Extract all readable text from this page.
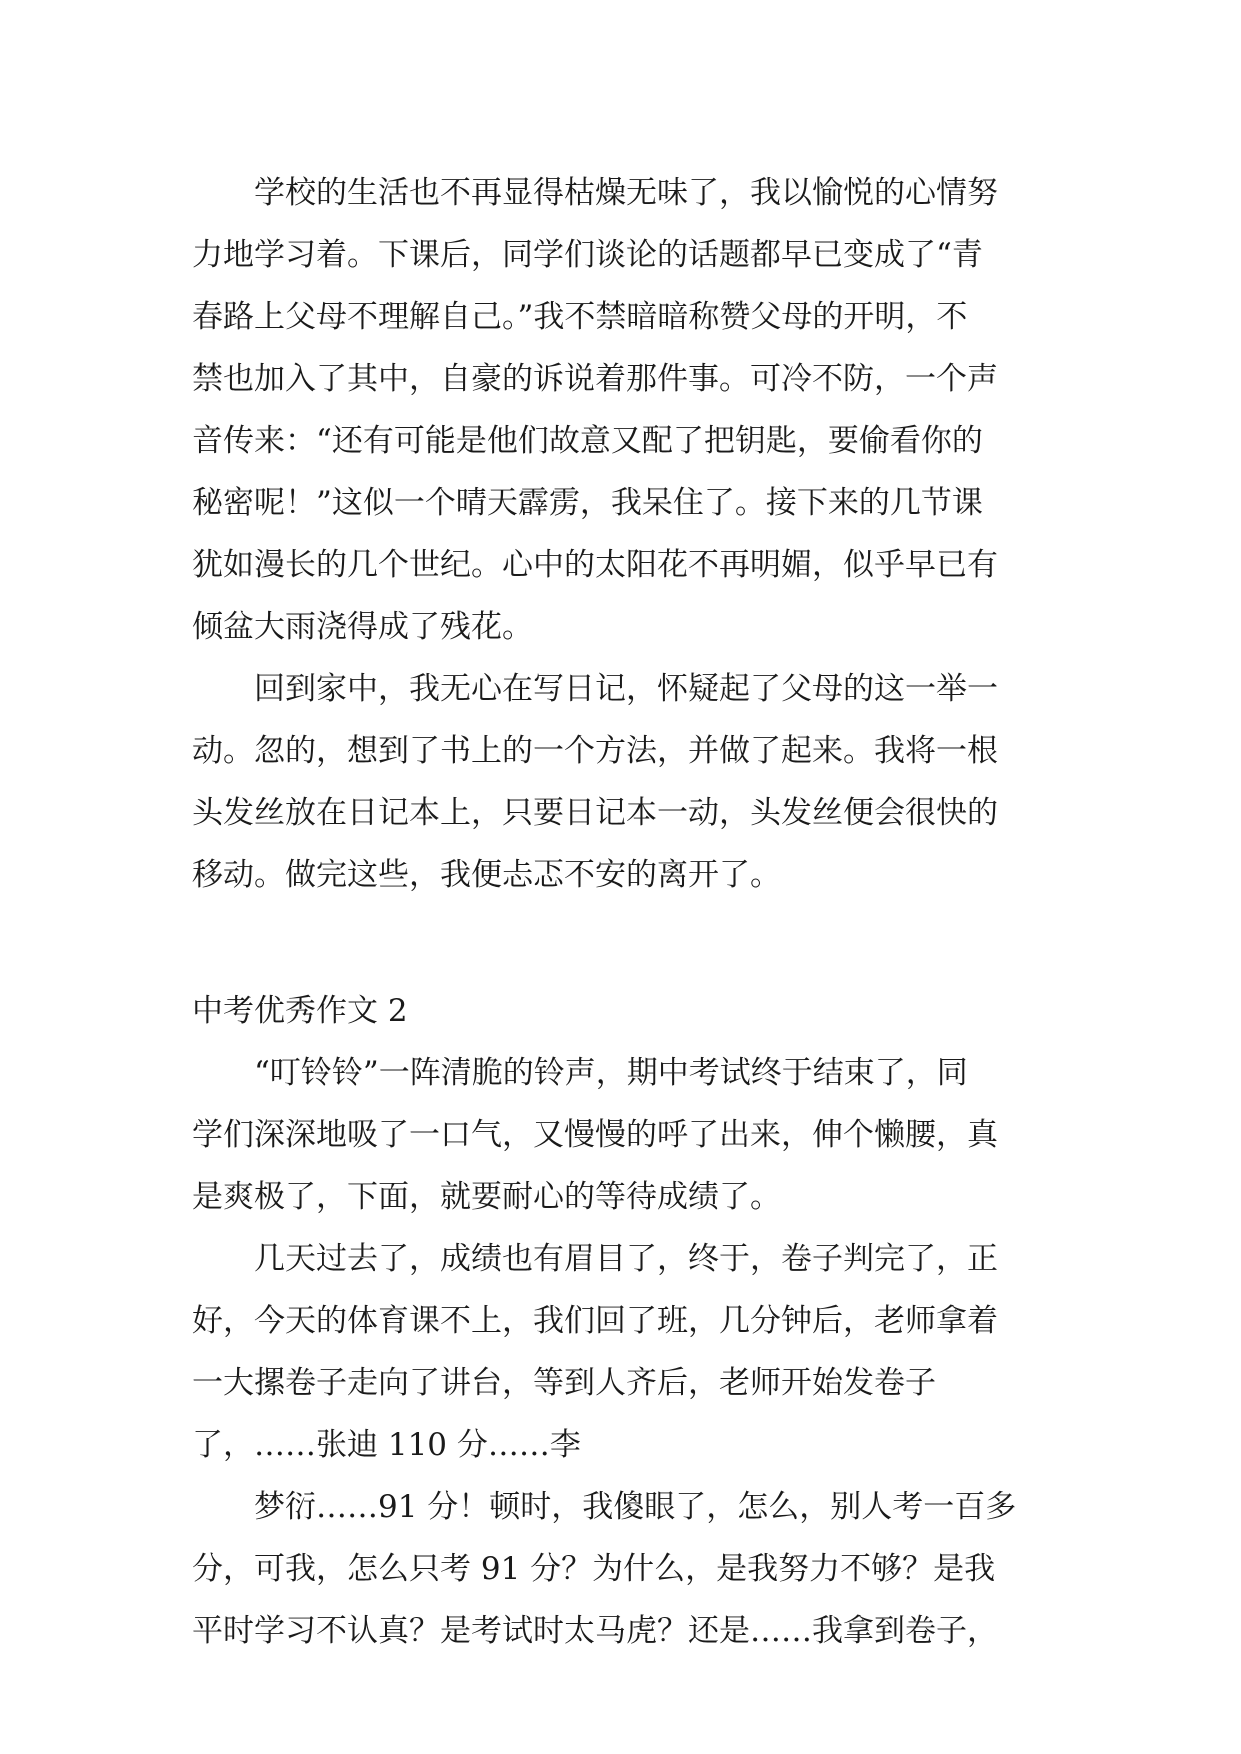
学校的生活也不再显得枯燥无味了，我以愉悦的心情努
力地学习着。下课后，同学们谈论的话题都早已变成了“青
春路上父母不理解自己。”我不禁暗暗称赞父母的开明，不
禁也加入了其中，自豪的诉说着那件事。可冷不防，一个声
音传来：“还有可能是他们故意又配了把钥匙，要偷看你的
秘密呢！”这似一个晴天霹雳，我呆住了。接下来的几节课
犹如漫长的几个世纪。心中的太阳花不再明媚，似乎早已有
倾盆大雨浇得成了残花。
回到家中，我无心在写日记，怀疑起了父母的这一举一
动。忽的，想到了书上的一个方法，并做了起来。我将一根
头发丝放在日记本上，只要日记本一动，头发丝便会很快的
移动。做完这些，我便忐忑不安的离开了。
中考优秀作文 2
“叮铃铃”一阵清脆的铃声，期中考试终于结束了，同
学们深深地吸了一口气，又慢慢的呼了出来，伸个懒腰，真
是爽极了，下面，就要耐心的等待成绩了。
几天过去了，成绩也有眉目了，终于，卷子判完了，正
好，今天的体育课不上，我们回了班，几分钟后，老师拿着
一大摞卷子走向了讲台，等到人齐后，老师开始发卷子
了，……张迪 110 分……李
梦衍……91 分！顿时，我傻眼了，怎么，别人考一百多
分，可我，怎么只考 91 分？为什么，是我努力不够？是我
平时学习不认真？是考试时太马虎？还是……我拿到卷子，
